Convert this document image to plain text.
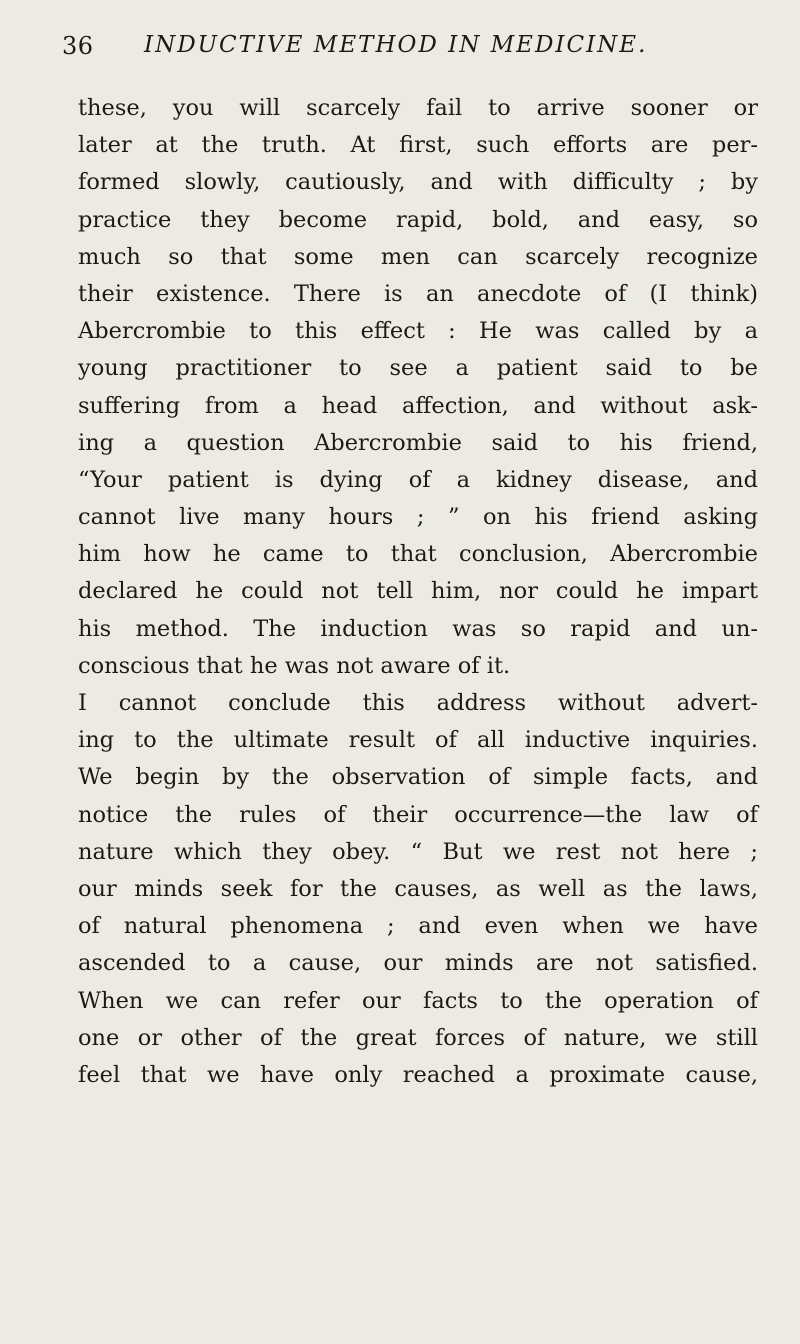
36 INDUCTIVE METHOD IN MEDICINE.
these, you will scarcely fail to arrive sooner or
later at the truth. At first, such efforts are per-
formed slowly, cautiously, and with difficulty ; by
practice they become rapid, bold, and easy, so
much so that some men can scarcely recognize
their existence. There is an anecdote of (I think)
Abercrombie to this effect : He was called by a
young practitioner to see a patient said to be
suffering from a head affection, and without ask-
ing a question Abercrombie said to his friend,
“Your patient is dying of a kidney disease, and
cannot live many hours ; ” on his friend asking
him how he came to that conclusion, Abercrombie
declared he could not tell him, nor could he impart
his method. The induction was so rapid and un-
conscious that he was not aware of it.
I cannot conclude this address without advert-
ing to the ultimate result of all inductive inquiries.
We begin by the observation of simple facts, and
notice the rules of their occurrence—the law of
nature which they obey. “ But we rest not here ;
our minds seek for the causes, as well as the laws,
of natural phenomena ; and even when we have
ascended to a cause, our minds are not satisfied.
When we can refer our facts to the operation of
one or other of the great forces of nature, we still
feel that we have only reached a proximate cause,
